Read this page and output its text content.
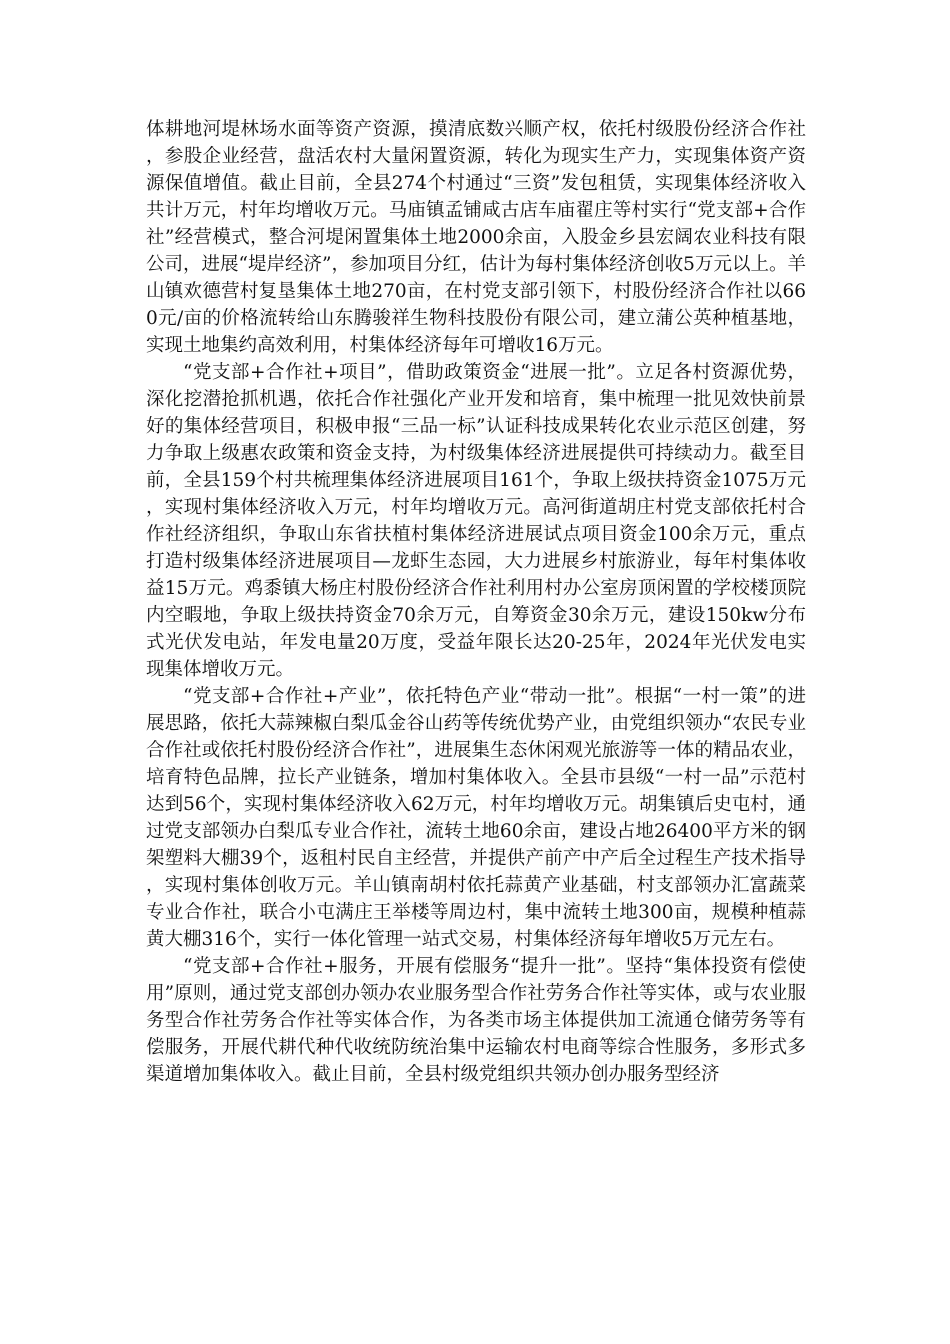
体耕地河堤林场水面等资产资源，摸清底数兴顺产权，依托村级股份经济合作社，参股企业经营，盘活农村大量闲置资源，转化为现实生产力，实现集体资产资源保值增值。截止目前，全县274个村通过“三资”发包租赁，实现集体经济收入共计万元，村年均增收万元。马庙镇孟铺咸古店车庙翟庄等村实行“党支部+合作社”经营模式，整合河堤闲置集体土地2000余亩，入股金乡县宏阔农业科技有限公司，进展“堤岸经济”，参加项目分红，估计为每村集体经济创收5万元以上。羊山镇欢德营村复垦集体土地270亩，在村党支部引领下，村股份经济合作社以660元/亩的价格流转给山东腾骏祥生物科技股份有限公司，建立蒲公英种植基地，实现土地集约高效利用，村集体经济每年可增收16万元。

“党支部+合作社+项目”，借助政策资金“进展一批”。立足各村资源优势，深化挖潜抢抓机遇，依托合作社强化产业开发和培育，集中梳理一批见效快前景好的集体经营项目，积极申报“三品一标”认证科技成果转化农业示范区创建，努力争取上级惠农政策和资金支持，为村级集体经济进展提供可持续动力。截至目前，全县159个村共梳理集体经济进展项目161个，争取上级扶持资金1075万元，实现村集体经济收入万元，村年均增收万元。高河街道胡庄村党支部依托村合作社经济组织，争取山东省扶植村集体经济进展试点项目资金100余万元，重点打造村级集体经济进展项目—龙虾生态园，大力进展乡村旅游业，每年村集体收益15万元。鸡黍镇大杨庄村股份经济合作社利用村办公室房顶闲置的学校楼顶院内空暇地，争取上级扶持资金70余万元，自筹资金30余万元，建设150kw分布式光伏发电站，年发电量20万度，受益年限长达20-25年，2024年光伏发电实现集体增收万元。

“党支部+合作社+产业”，依托特色产业“带动一批”。根据“一村一策”的进展思路，依托大蒜辣椒白梨瓜金谷山药等传统优势产业，由党组织领办“农民专业合作社或依托村股份经济合作社”，进展集生态休闲观光旅游等一体的精品农业，培育特色品牌，拉长产业链条，增加村集体收入。全县市县级“一村一品”示范村达到56个，实现村集体经济收入62万元，村年均增收万元。胡集镇后史屯村，通过党支部领办白梨瓜专业合作社，流转土地60余亩，建设占地26400平方米的钢架塑料大棚39个，返租村民自主经营，并提供产前产中产后全过程生产技术指导，实现村集体创收万元。羊山镇南胡村依托蒜黄产业基础，村支部领办汇富蔬菜专业合作社，联合小屯满庄王举楼等周边村，集中流转土地300亩，规模种植蒜黄大棚316个，实行一体化管理一站式交易，村集体经济每年增收5万元左右。

“党支部+合作社+服务，开展有偿服务“提升一批”。坚持“集体投资有偿使用”原则，通过党支部创办领办农业服务型合作社劳务合作社等实体，或与农业服务型合作社劳务合作社等实体合作，为各类市场主体提供加工流通仓储劳务等有偿服务，开展代耕代种代收统防统治集中运输农村电商等综合性服务，多形式多渠道增加集体收入。截止目前，全县村级党组织共领办创办服务型经济
